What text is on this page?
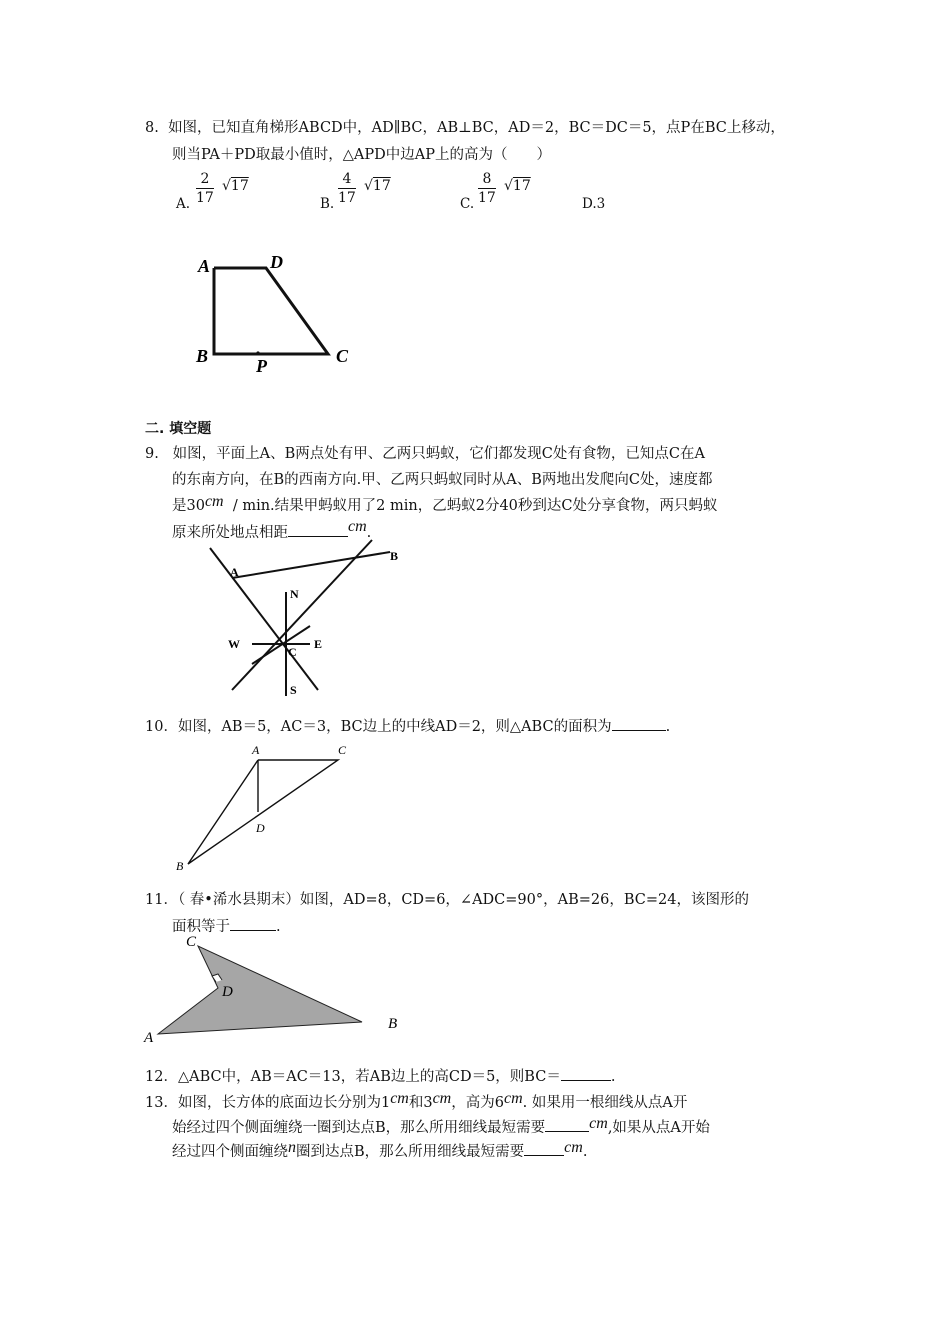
8. 如图，已知直角梯形ABCD中，AD∥BC，AB⊥BC，AD＝2，BC＝DC＝5，点P在BC上移动，
则当PA＋PD取最小值时，△APD中边AP上的高为（　　）
A. $\frac{2}{17} √17$
B. $\frac{4}{17} √17$
C. $\frac{8}{17} √17$
D.3
A	D
B	C
P
二. 填空题
9. 如图，平面上A、B两点处有甲、乙两只蚂蚁，它们都发现C处有食物，已知点C在A
的东南方向，在B的西南方向.甲、乙两只蚂蚁同时从A、B两地出发爬向C处，速度都
是30cm / min.结果甲蚂蚁用了2 min，乙蚂蚁2分40秒到达C处分享食物，两只蚂蚁
原来所处地点相距	cm.
A
B
N
W	E
C
S
10．如图，AB＝5，AC＝3，BC边上的中线AD＝2，则△ABC的面积为	.
A	C
D
B
11．（ 春•浠水县期末）如图，AD=8，CD=6，∠ADC=90°，AB=26，BC=24，该图形的
面积等于	.
C
D
A
B
12．△ABC中，AB＝AC＝13，若AB边上的高CD＝5，则BC＝	.
13．如图，长方体的底面边长分别为1cm和3cm，高为6cm. 如果用一根细线从点A开
始经过四个侧面缠绕一圈到达点B，那么所用细线最短需要	cm,如果从点A开始
经过四个侧面缠绕n圈到达点B，那么所用细线最短需要	cm.
